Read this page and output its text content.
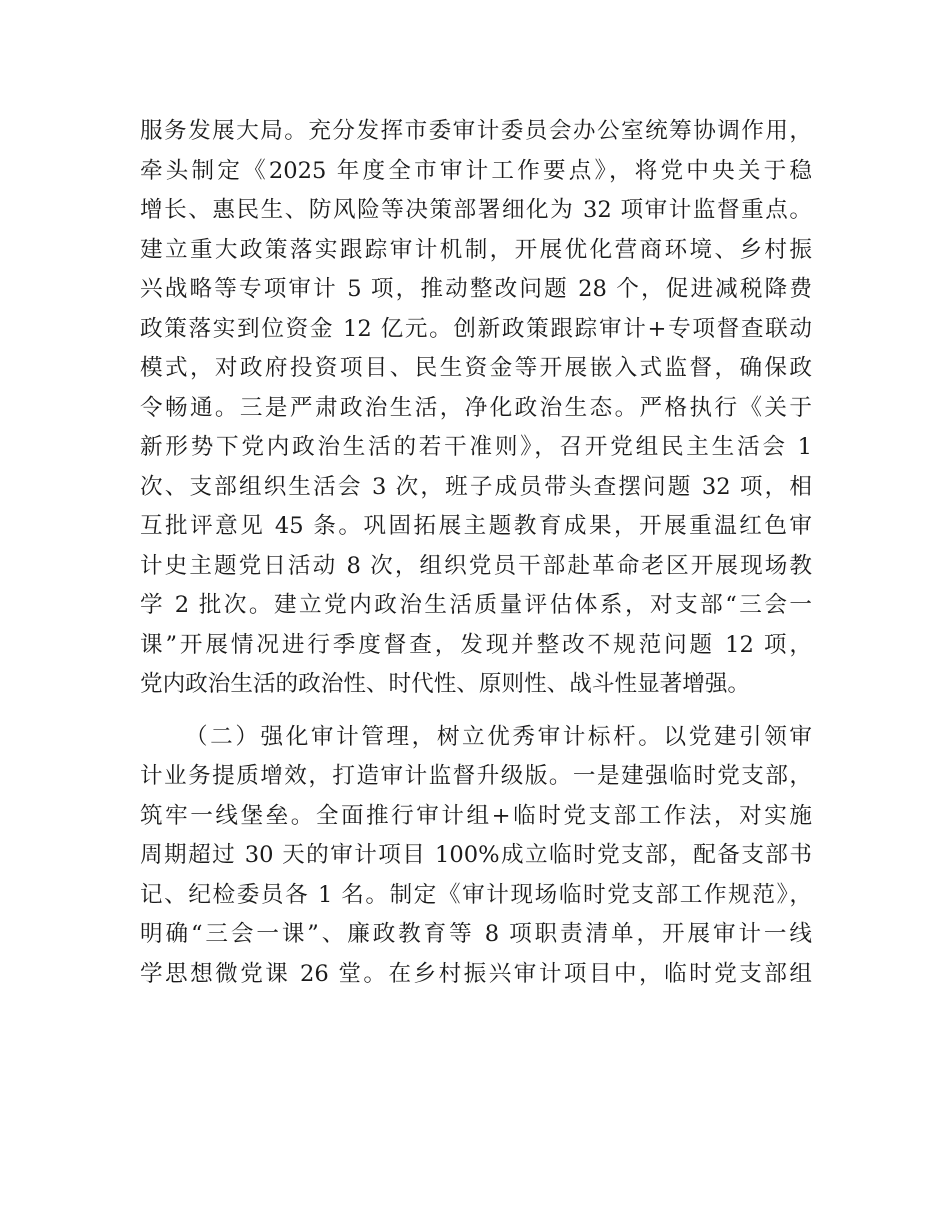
服务发展大局。充分发挥市委审计委员会办公室统筹协调作用，
牵头制定《2025 年度全市审计工作要点》，将党中央关于稳
增长、惠民生、防风险等决策部署细化为 32 项审计监督重点。
建立重大政策落实跟踪审计机制，开展优化营商环境、乡村振
兴战略等专项审计 5 项，推动整改问题 28 个，促进减税降费
政策落实到位资金 12 亿元。创新政策跟踪审计+专项督查联动
模式，对政府投资项目、民生资金等开展嵌入式监督，确保政
令畅通。三是严肃政治生活，净化政治生态。严格执行《关于
新形势下党内政治生活的若干准则》，召开党组民主生活会 1
次、支部组织生活会 3 次，班子成员带头查摆问题 32 项，相
互批评意见 45 条。巩固拓展主题教育成果，开展重温红色审
计史主题党日活动 8 次，组织党员干部赴革命老区开展现场教
学 2 批次。建立党内政治生活质量评估体系，对支部“三会一
课”开展情况进行季度督查，发现并整改不规范问题 12 项，
党内政治生活的政治性、时代性、原则性、战斗性显著增强。
（二）强化审计管理，树立优秀审计标杆。以党建引领审
计业务提质增效，打造审计监督升级版。一是建强临时党支部，
筑牢一线堡垒。全面推行审计组+临时党支部工作法，对实施
周期超过 30 天的审计项目 100%成立临时党支部，配备支部书
记、纪检委员各 1 名。制定《审计现场临时党支部工作规范》，
明确“三会一课”、廉政教育等 8 项职责清单，开展审计一线
学思想微党课 26 堂。在乡村振兴审计项目中，临时党支部组
